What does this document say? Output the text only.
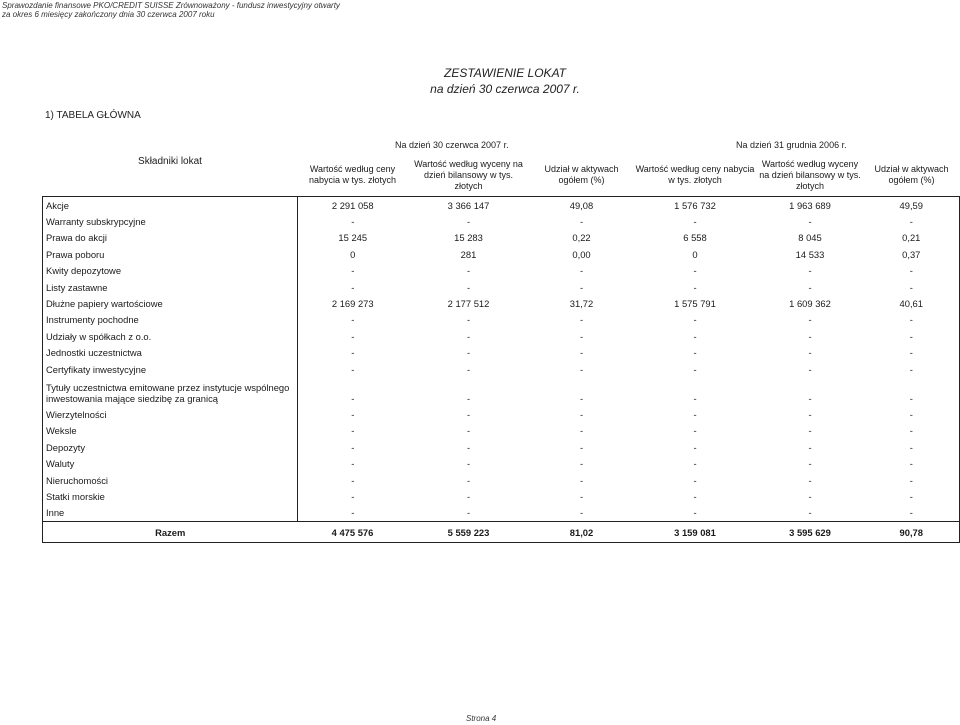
Sprawozdanie finansowe PKO/CREDIT SUISSE Zrównoważony - fundusz inwestycyjny otwarty
za okres 6 miesięcy zakończony dnia 30 czerwca 2007 roku
ZESTAWIENIE LOKAT
na dzień 30 czerwca 2007 r.
1) TABELA GŁÓWNA
Na dzień 30 czerwca 2007 r.	Na dzień 31 grudnia 2006 r.
Składniki lokat	Wartość według ceny nabycia w tys. złotych	Wartość według wyceny na dzień bilansowy w tys. złotych	Udział w aktywach ogółem (%)	Wartość według ceny nabycia w tys. złotych	Wartość według wyceny na dzień bilansowy w tys. złotych	Udział w aktywach ogółem (%)
Akcje	2 291 058	3 366 147	49,08	1 576 732	1 963 689	49,59
Warranty subskrypcyjne	-	-	-	-	-	-
Prawa do akcji	15 245	15 283	0,22	6 558	8 045	0,21
Prawa poboru	0	281	0,00	0	14 533	0,37
Kwity depozytowe	-	-	-	-	-	-
Listy zastawne	-	-	-	-	-	-
Dłużne papiery wartościowe	2 169 273	2 177 512	31,72	1 575 791	1 609 362	40,61
Instrumenty pochodne	-	-	-	-	-	-
Udziały w spółkach z o.o.	-	-	-	-	-	-
Jednostki uczestnictwa	-	-	-	-	-	-
Certyfikaty inwestycyjne	-	-	-	-	-	-
Tytuły uczestnictwa emitowane przez instytucje wspólnego inwestowania mające siedzibę za granicą	-	-	-	-	-	-
Wierzytelności	-	-	-	-	-	-
Weksle	-	-	-	-	-	-
Depozyty	-	-	-	-	-	-
Waluty	-	-	-	-	-	-
Nieruchomości	-	-	-	-	-	-
Statki morskie	-	-	-	-	-	-
Inne	-	-	-	-	-	-
Razem	4 475 576	5 559 223	81,02	3 159 081	3 595 629	90,78
Strona 4
